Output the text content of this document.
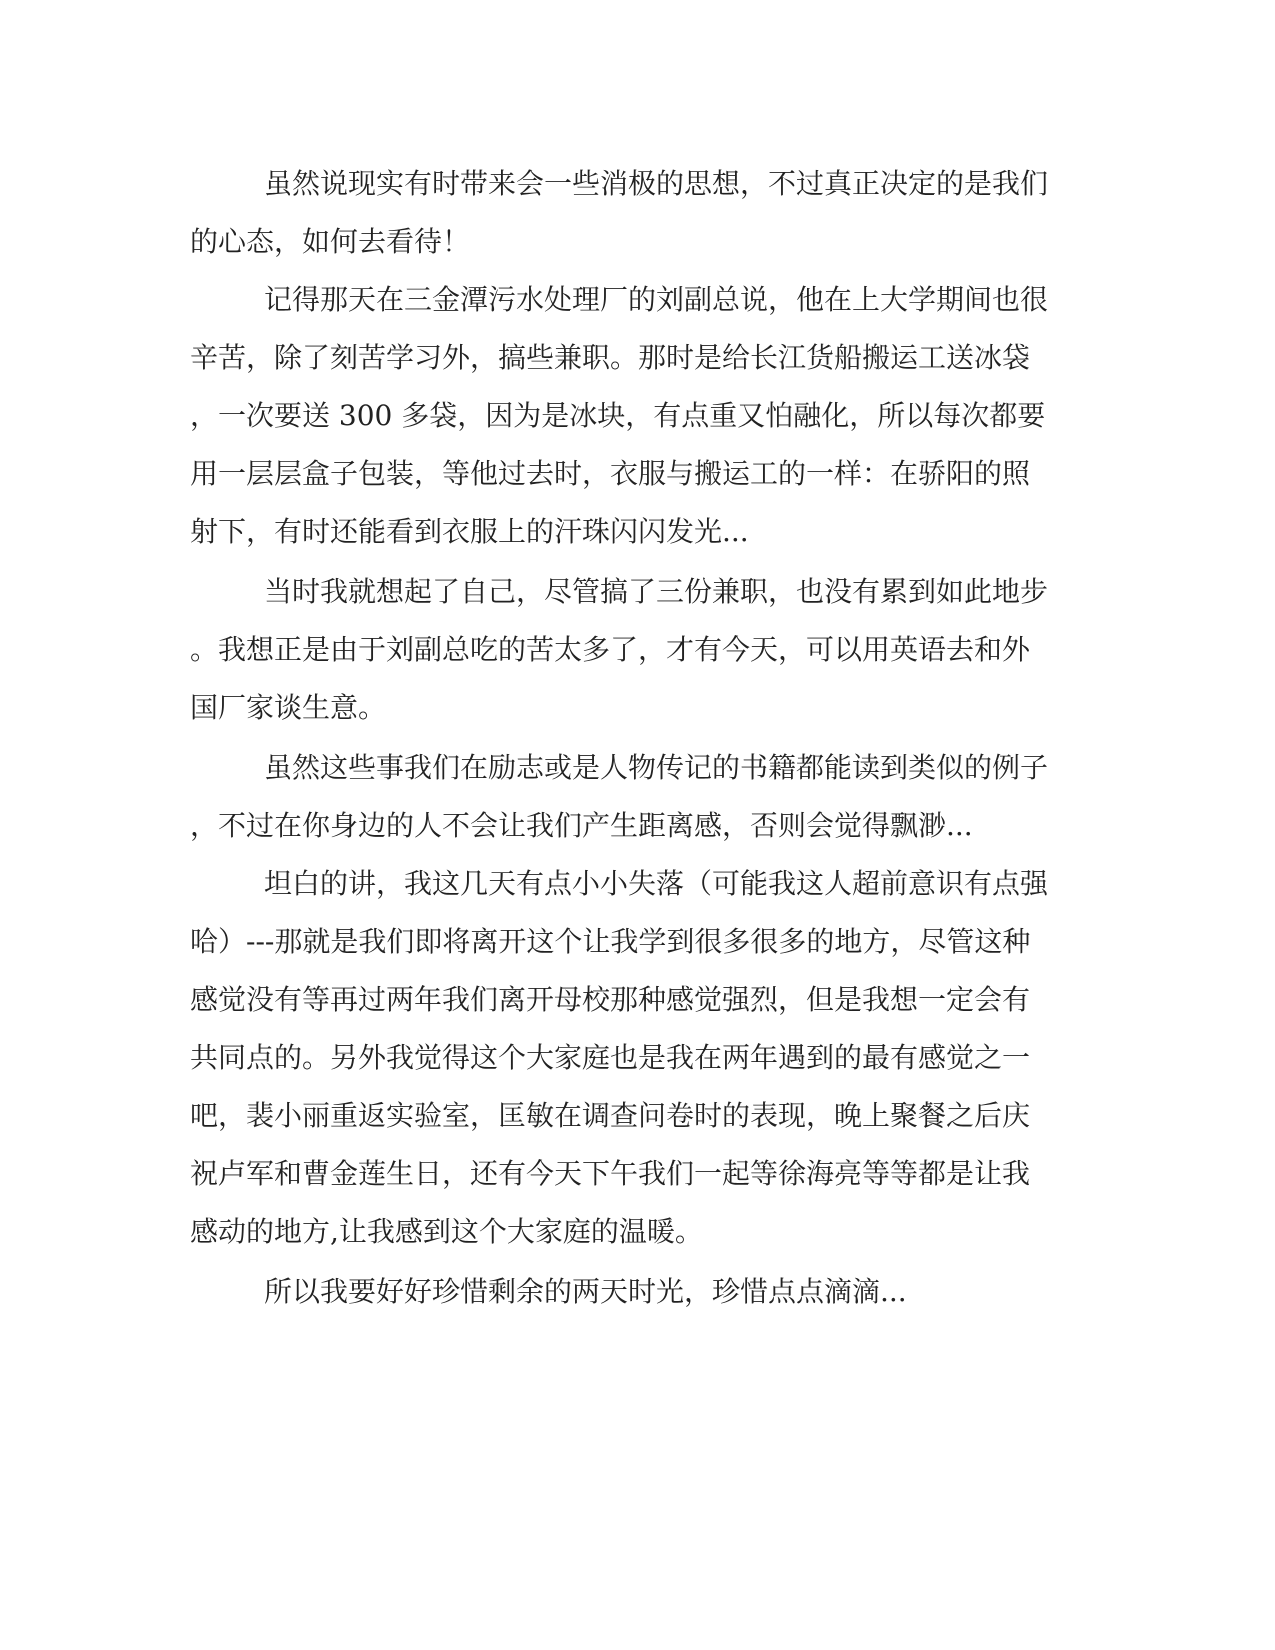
虽然说现实有时带来会一些消极的思想，不过真正决定的是我们
的心态，如何去看待！
记得那天在三金潭污水处理厂的刘副总说，他在上大学期间也很
辛苦，除了刻苦学习外，搞些兼职。那时是给长江货船搬运工送冰袋
，一次要送 300 多袋，因为是冰块，有点重又怕融化，所以每次都要
用一层层盒子包装，等他过去时，衣服与搬运工的一样：在骄阳的照
射下，有时还能看到衣服上的汗珠闪闪发光...
当时我就想起了自己，尽管搞了三份兼职，也没有累到如此地步
。我想正是由于刘副总吃的苦太多了，才有今天，可以用英语去和外
国厂家谈生意。
虽然这些事我们在励志或是人物传记的书籍都能读到类似的例子
，不过在你身边的人不会让我们产生距离感，否则会觉得飘渺...
坦白的讲，我这几天有点小小失落（可能我这人超前意识有点强
哈）---那就是我们即将离开这个让我学到很多很多的地方，尽管这种
感觉没有等再过两年我们离开母校那种感觉强烈，但是我想一定会有
共同点的。另外我觉得这个大家庭也是我在两年遇到的最有感觉之一
吧，裴小丽重返实验室，匡敏在调查问卷时的表现，晚上聚餐之后庆
祝卢军和曹金莲生日，还有今天下午我们一起等徐海亮等等都是让我
感动的地方,让我感到这个大家庭的温暖。
所以我要好好珍惜剩余的两天时光，珍惜点点滴滴...
